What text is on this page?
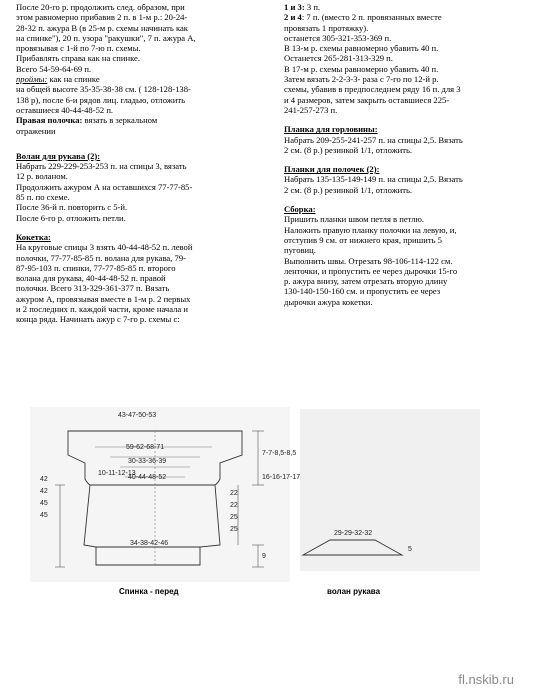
После 20-го р. продолжить след. образом, при

этом равномерно прибавив 2 п. в 1-м р.: 20-24-

28-32 п. ажура В (в 25-м р. схемы начинать как

на спинке"), 20 п. узора "ракушки", 7 п. ажура А,

провязывая с 1-й по 7-ю п. схемы.

Прибавлять справа как на спинке.

Всего 54-59-64-69 п.

проймы: как на спинке

на общей высоте 35-35-38-38 см. ( 128-128-138-

138 р), после 6-и рядов лиц. гладью, отложить

оставшиеся 40-44-48-52 п.

Правая полочка: вязать в зеркальном

отражении

Волан для рукава (2):

Набрать 229-229-253-253 п. на спицы 3, вязать

12 р. воланом.

Продолжить ажуром А на оставшихся 77-77-85-

85 п. по схеме.

После 36-й п. повторить с 5-й.

После 6-го р. отложить петли.

Кокетка:

На круговые спицы 3 взять 40-44-48-52 п. левой

полочки, 77-77-85-85 п. волана для рукава, 79-

87-95-103 п. спинки, 77-77-85-85 п. второго

волана для рукава, 40-44-48-52 п. правой

полочки. Всего 313-329-361-377 п. Вязать

ажуром А, провязывая вместе в 1-м р. 2 первых

и 2 последних п. каждой части, кроме начала и

конца ряда. Начинать ажур с 7-го р. схемы с:

1 и 3: 3 п.

2 и 4: 7 п. (вместо 2 п. провязанных вместе

провязать 1 протяжку).

останется 305-321-353-369 п.

В 13-м р. схемы равномерно убавить 40 п.

Останется 265-281-313-329 п.

В 17-м р. схемы равномерно убавить 40 п.

Затем вязать 2-2-3-3- раза с 7-го по 12-й р.

схемы, убавив в предпоследнем ряду 16 п. для 3

и 4 размеров, затем закрыть оставшиеся 225-

241-257-273 п.

Планка для горловины:

Набрать 209-255-241-257 п. на спицы 2,5. Вязать

2 см. (8 р.) резинкой 1/1, отложить.

Планки для полочек (2):

Набрать 135-135-149-149 п. на спицы 2,5. Вязать

2 см. (8 р.) резинкой 1/1, отложить.

Сборка:

Пришить планки швом петля в петлю.

Наложить правую планку полочки на левую, и,

отступив 9 см. от нижнего края, пришить 5

пуговиц.

Выполнить швы. Отрезать 98-106-114-122 см.

ленточки, и пропустить ее через дырочки 15-го

р. ажура внизу, затем отрезать вторую длину

130-140-150-160 см. и пропустить ее через

дырочки ажура кокетки.

43-47-50-53
59-62-68-71
30-33-36-39
10-11-12-13
40-44-48-52
34-38-42-46
7-7-8,5-8,5
16-16-17-17
42
42
45
45
22
22
25
25
9
29-29-32-32
5
Спинка - перед	волан рукава
fl.nskib.ru
